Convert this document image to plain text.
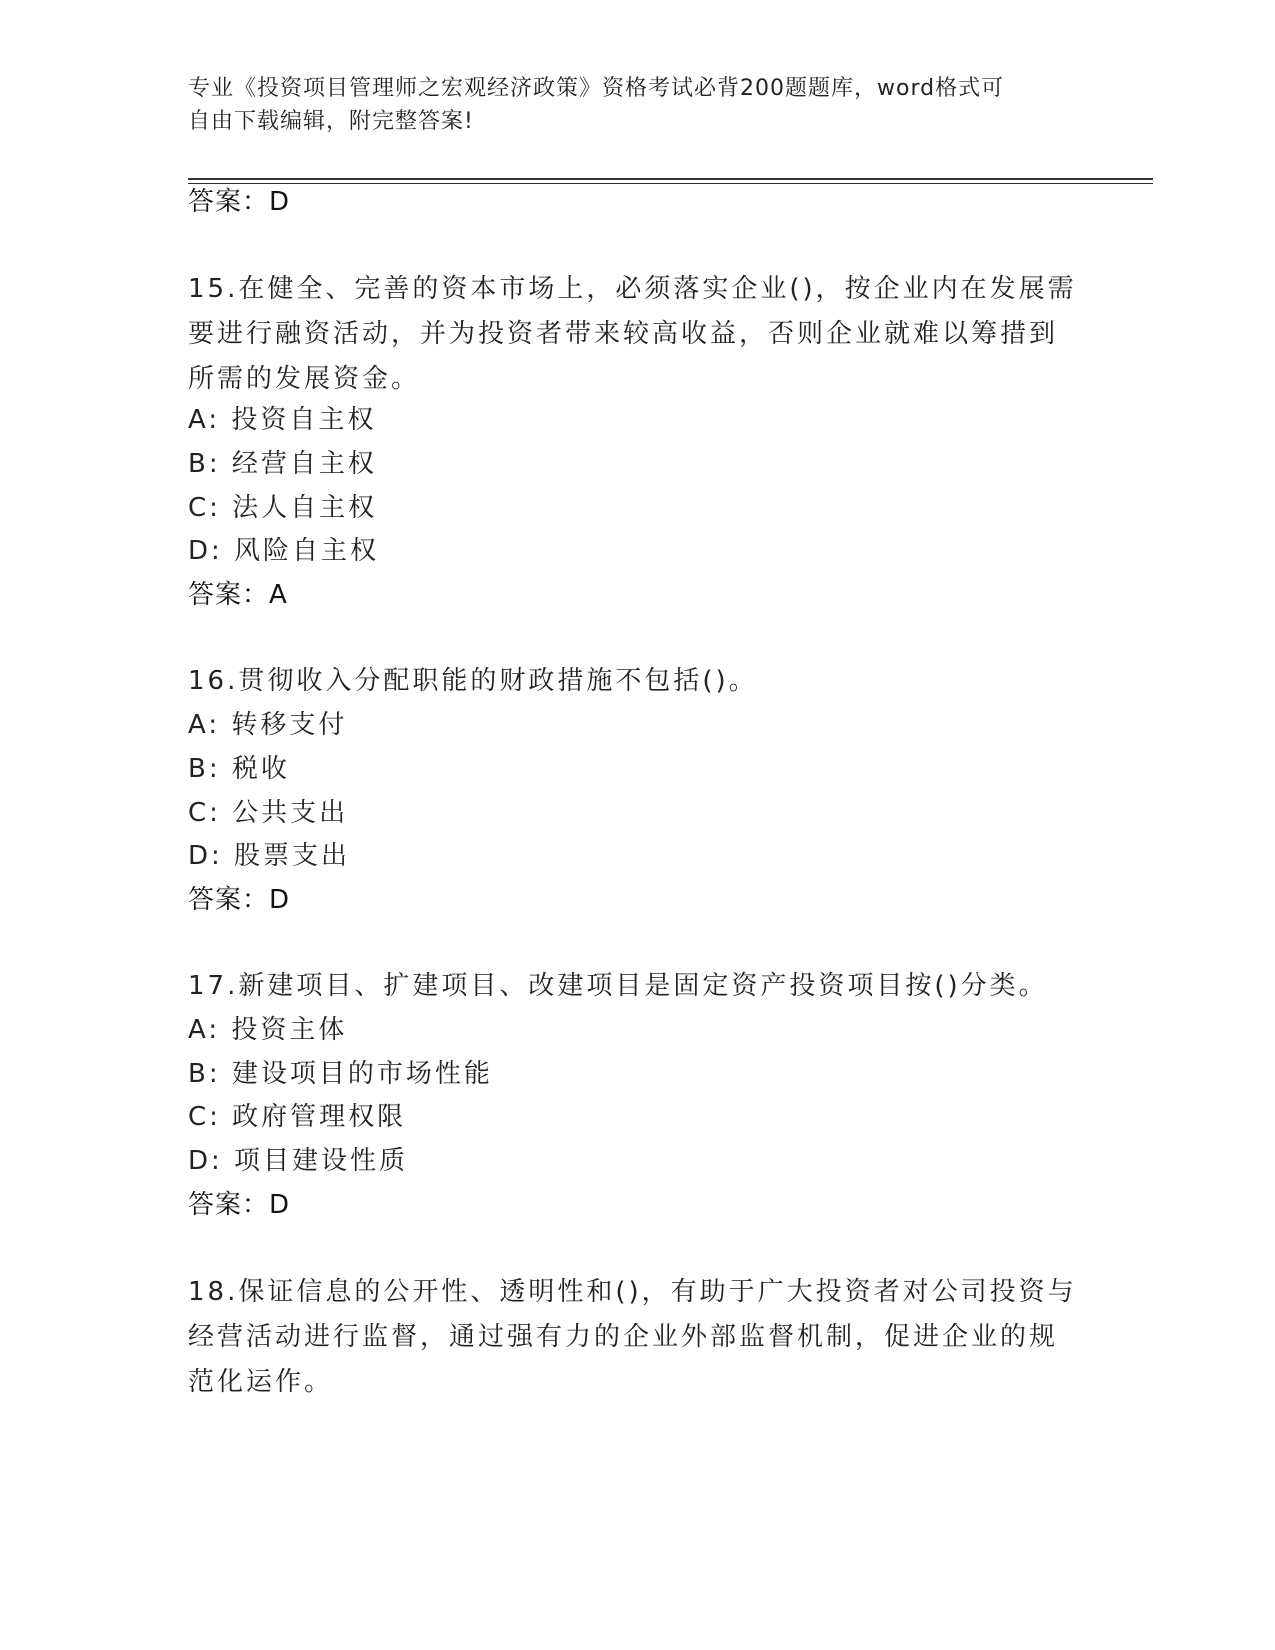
专业《投资项目管理师之宏观经济政策》资格考试必背200题题库，word格式可
自由下载编辑，附完整答案!
答案：D
15.在健全、完善的资本市场上，必须落实企业()，按企业内在发展需
要进行融资活动，并为投资者带来较高收益，否则企业就难以筹措到
所需的发展资金。
A: 投资自主权
B: 经营自主权
C: 法人自主权
D: 风险自主权
答案：A
16.贯彻收入分配职能的财政措施不包括()。
A: 转移支付
B: 税收
C: 公共支出
D: 股票支出
答案：D
17.新建项目、扩建项目、改建项目是固定资产投资项目按()分类。
A: 投资主体
B: 建设项目的市场性能
C: 政府管理权限
D: 项目建设性质
答案：D
18.保证信息的公开性、透明性和()，有助于广大投资者对公司投资与
经营活动进行监督，通过强有力的企业外部监督机制，促进企业的规
范化运作。
